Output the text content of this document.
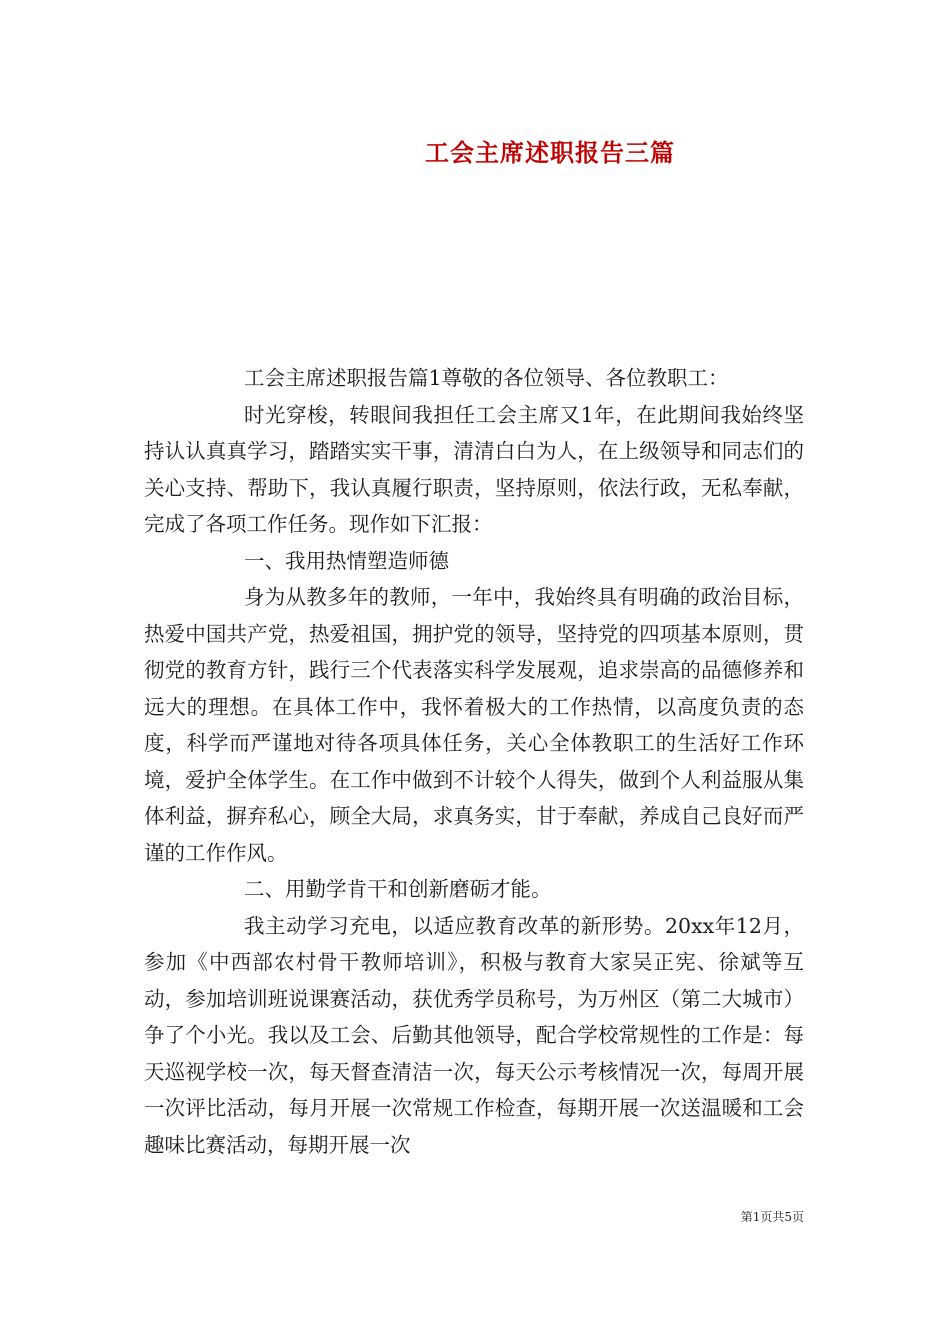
工会主席述职报告三篇

工会主席述职报告篇1尊敬的各位领导、各位教职工：

时光穿梭，转眼间我担任工会主席又1年，在此期间我始终坚持认认真真学习，踏踏实实干事，清清白白为人，在上级领导和同志们的关心支持、帮助下，我认真履行职责，坚持原则，依法行政，无私奉献，完成了各项工作任务。现作如下汇报：

一、我用热情塑造师德

身为从教多年的教师，一年中，我始终具有明确的政治目标，热爱中国共产党，热爱祖国，拥护党的领导，坚持党的四项基本原则，贯彻党的教育方针，践行三个代表落实科学发展观，追求崇高的品德修养和远大的理想。在具体工作中，我怀着极大的工作热情，以高度负责的态度，科学而严谨地对待各项具体任务，关心全体教职工的生活好工作环境，爱护全体学生。在工作中做到不计较个人得失，做到个人利益服从集体利益，摒弃私心，顾全大局，求真务实，甘于奉献，养成自己良好而严谨的工作作风。

二、用勤学肯干和创新磨砺才能。

我主动学习充电，以适应教育改革的新形势。20xx年12月，参加《中西部农村骨干教师培训》，积极与教育大家吴正宪、徐斌等互动，参加培训班说课赛活动，获优秀学员称号，为万州区（第二大城市）争了个小光。我以及工会、后勤其他领导，配合学校常规性的工作是：每天巡视学校一次，每天督查清洁一次，每天公示考核情况一次，每周开展一次评比活动，每月开展一次常规工作检查，每期开展一次送温暖和工会趣味比赛活动，每期开展一次

第1页共5页
